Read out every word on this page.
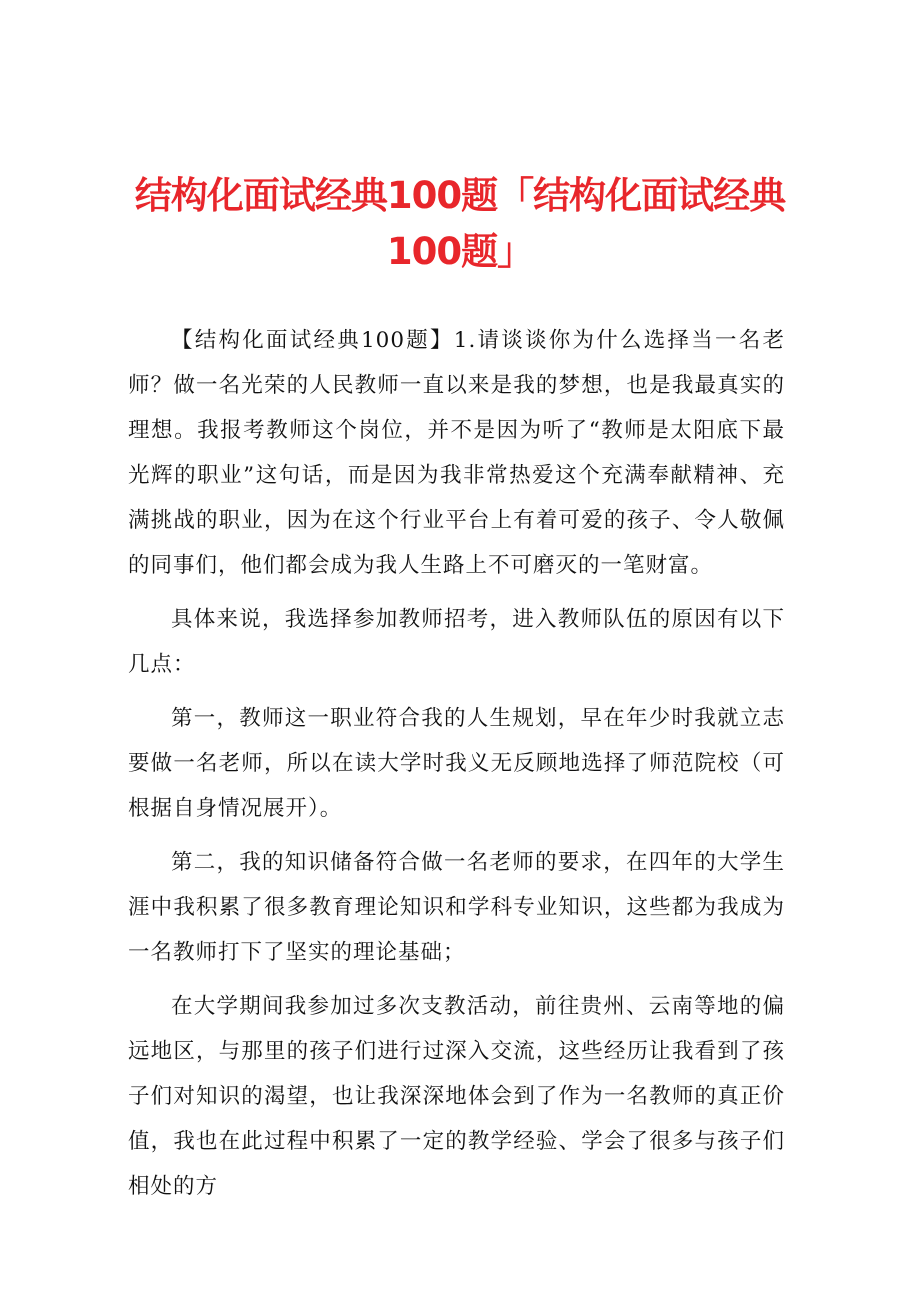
结构化面试经典100题「结构化面试经典100题」

【结构化面试经典100题】1.请谈谈你为什么选择当一名老师？做一名光荣的人民教师一直以来是我的梦想，也是我最真实的理想。我报考教师这个岗位，并不是因为听了“教师是太阳底下最光辉的职业”这句话，而是因为我非常热爱这个充满奉献精神、充满挑战的职业，因为在这个行业平台上有着可爱的孩子、令人敬佩的同事们，他们都会成为我人生路上不可磨灭的一笔财富。

具体来说，我选择参加教师招考，进入教师队伍的原因有以下几点：

第一，教师这一职业符合我的人生规划，早在年少时我就立志要做一名老师，所以在读大学时我义无反顾地选择了师范院校（可根据自身情况展开）。

第二，我的知识储备符合做一名老师的要求，在四年的大学生涯中我积累了很多教育理论知识和学科专业知识，这些都为我成为一名教师打下了坚实的理论基础；

在大学期间我参加过多次支教活动，前往贵州、云南等地的偏远地区，与那里的孩子们进行过深入交流，这些经历让我看到了孩子们对知识的渴望，也让我深深地体会到了作为一名教师的真正价值，我也在此过程中积累了一定的教学经验、学会了很多与孩子们相处的方
